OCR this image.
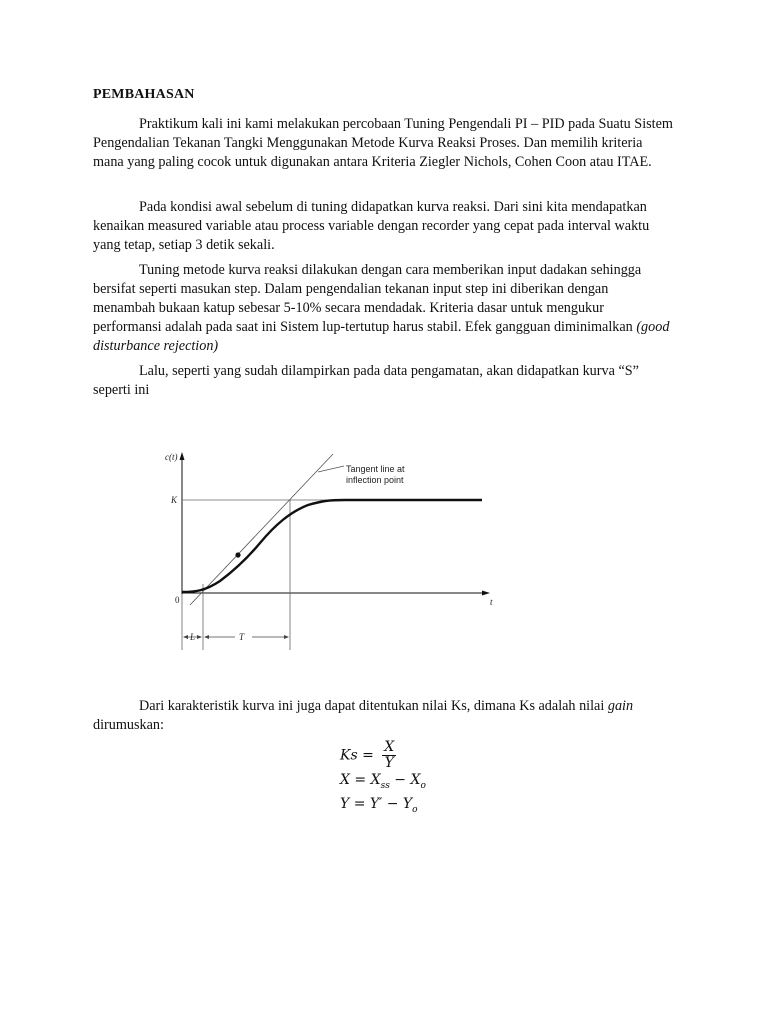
PEMBAHASAN

Praktikum kali ini kami melakukan percobaan Tuning Pengendali PI – PID pada Suatu Sistem Pengendalian Tekanan Tangki Menggunakan Metode Kurva Reaksi Proses. Dan memilih kriteria mana yang paling cocok untuk digunakan antara Kriteria Ziegler Nichols, Cohen Coon atau ITAE.

Pada kondisi awal sebelum di tuning didapatkan kurva reaksi. Dari sini kita mendapatkan kenaikan measured variable atau process variable dengan recorder yang cepat pada interval waktu yang tetap, setiap 3 detik sekali.

Tuning metode kurva reaksi dilakukan dengan cara memberikan input dadakan sehingga bersifat seperti masukan step. Dalam pengendalian tekanan input step ini diberikan dengan menambah bukaan katup sebesar 5-10% secara mendadak. Kriteria dasar untuk mengukur performansi adalah pada saat ini Sistem lup-tertutup harus stabil. Efek gangguan diminimalkan (good disturbance rejection)

Lalu, seperti yang sudah dilampirkan pada data pengamatan, akan didapatkan kurva “S” seperti ini

c(t)
t
K
0
Tangent line at
inflection point
L	T

Dari karakteristik kurva ini juga dapat ditentukan nilai Ks, dimana Ks adalah nilai gain dirumuskan:

$Ks = \frac{X}{Y}$
$X = X_{ss} - X_o$
$Y = Y' - Y_o$
